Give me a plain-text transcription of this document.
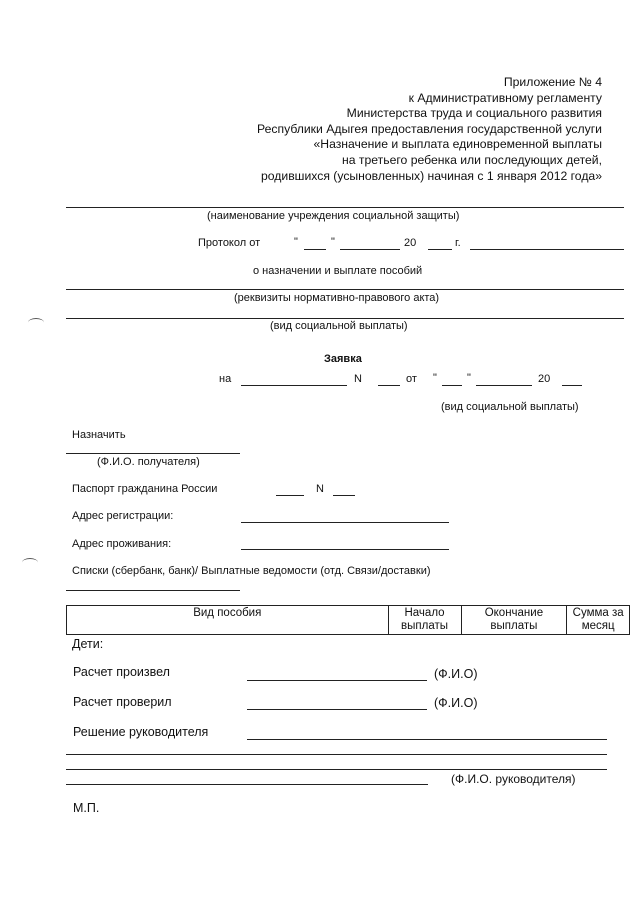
Приложение № 4
к Административному регламенту
Министерства труда и социального развития
Республики Адыгея предоставления государственной услуги
«Назначение и выплата единовременной выплаты
на третьего ребенка или последующих детей,
родившихся (усыновленных) начиная с 1 января 2012 года»
(наименование учреждения социальной защиты)
Протокол от	"	"	20	г.
о назначении и выплате пособий
(реквизиты нормативно-правового акта)
(вид социальной выплаты)
Заявка
на	N	от "	"	20
(вид социальной выплаты)
Назначить
(Ф.И.О. получателя)
Паспорт гражданина России	N
Адрес регистрации:
Адрес проживания:
Списки (сбербанк, банк)/ Выплатные ведомости (отд. Связи/доставки)
Вид пособия	Начало выплаты	Окончание выплаты	Сумма за месяц
Дети:
Расчет произвел	(Ф.И.О)
Расчет проверил	(Ф.И.О)
Решение руководителя
(Ф.И.О. руководителя)
М.П.
